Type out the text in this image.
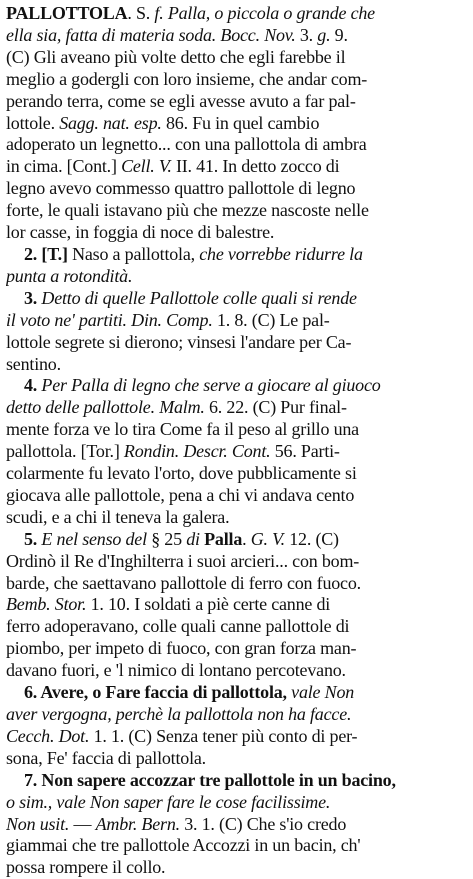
PALLOTTOLA. S. f. Palla, o piccola o grande che
ella sia, fatta di materia soda. Bocc. Nov. 3. g. 9.
(C) Gli aveano più volte detto che egli farebbe il
meglio a godergli con loro insieme, che andar com-
perando terra, come se egli avesse avuto a far pal-
lottole. Sagg. nat. esp. 86. Fu in quel cambio
adoperato un legnetto... con una pallottola di ambra
in cima. [Cont.] Cell. V. II. 41. In detto zocco di
legno avevo commesso quattro pallottole di legno
forte, le quali istavano più che mezze nascoste nelle
lor casse, in foggia di noce di balestre.

2. [T.] Naso a pallottola, che vorrebbe ridurre la
punta a rotondità.

3. Detto di quelle Pallottole colle quali si rende
il voto ne' partiti. Din. Comp. 1. 8. (C) Le pal-
lottole segrete si dierono; vinsesi l'andare per Ca-
sentino.

4. Per Palla di legno che serve a giocare al giuoco
detto delle pallottole. Malm. 6. 22. (C) Pur final-
mente forza ve lo tira Come fa il peso al grillo una
pallottola. [Tor.] Rondin. Descr. Cont. 56. Parti-
colarmente fu levato l'orto, dove pubblicamente si
giocava alle pallottole, pena a chi vi andava cento
scudi, e a chi il teneva la galera.

5. E nel senso del § 25 di Palla. G. V. 12. (C)
Ordinò il Re d'Inghilterra i suoi arcieri... con bom-
barde, che saettavano pallottole di ferro con fuoco.
Bemb. Stor. 1. 10. I soldati a piè certe canne di
ferro adoperavano, colle quali canne pallottole di
piombo, per impeto di fuoco, con gran forza man-
davano fuori, e 'l nimico di lontano percotevano.

6. Avere, o Fare faccia di pallottola, vale Non
aver vergogna, perchè la pallottola non ha facce.
Cecch. Dot. 1. 1. (C) Senza tener più conto di per-
sona, Fe' faccia di pallottola.

7. Non sapere accozzar tre pallottole in un bacino,
o sim., vale Non saper fare le cose facilissime.
Non usit. — Ambr. Bern. 3. 1. (C) Che s'io credo
giammai che tre pallottole Accozzi in un bacin, ch'
possa rompere il collo.
